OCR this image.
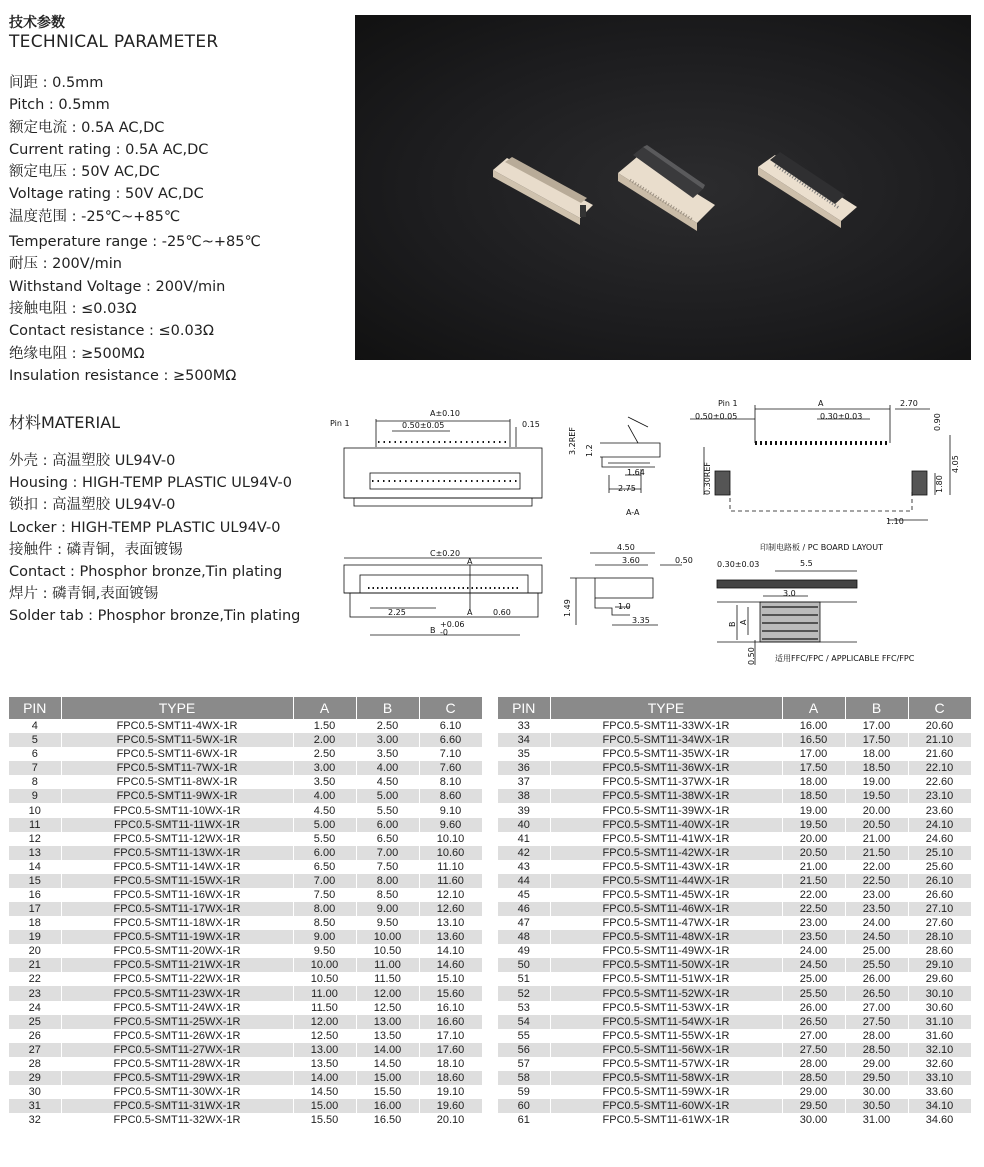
技术参数
TECHNICAL PARAMETER
间距 : 0.5mm
Pitch : 0.5mm
额定电流 : 0.5A AC,DC
Current rating : 0.5A AC,DC
额定电压 : 50V AC,DC
Voltage rating : 50V AC,DC
温度范围 : -25℃~+85℃
Temperature range : -25℃~+85℃
耐压 : 200V/min
Withstand Voltage : 200V/min
接触电阻 : ≤0.03Ω
Contact resistance : ≤0.03Ω
绝缘电阻 : ≥500MΩ
Insulation resistance : ≥500MΩ
材料MATERIAL
外壳 : 高温塑胶 UL94V-0
Housing : HIGH-TEMP PLASTIC UL94V-0
锁扣 : 高温塑胶 UL94V-0
Locker : HIGH-TEMP PLASTIC UL94V-0
接触件 : 磷青铜，表面镀锡
Contact : Phosphor bronze,Tin plating
焊片 : 磷青铜,表面镀锡
Solder tab : Phosphor bronze,Tin plating
Pin 1
A±0.10
0.50±0.05	0.15
3.2REF 1.2
1.64
2.75
A-A
Pin 1
0.50±0.05
A
0.30±0.03
2.70
0.90
4.05
1.80
0.30REF
1.10
C±0.20
A
A
2.25	0.60
B
+0.06
-0
4.50
3.60	0.50
1.49	1.0
3.35
印制电路板 / PC BOARD LAYOUT
0.30±0.03	5.5
3.0
B A
0.50 适用FFC/FPC / APPLICABLE FFC/FPC
PIN	TYPE	A	B	C
4	FPC0.5-SMT11-4WX-1R	1.50	2.50	6.10
5	FPC0.5-SMT11-5WX-1R	2.00	3.00	6.60
6	FPC0.5-SMT11-6WX-1R	2.50	3.50	7.10
7	FPC0.5-SMT11-7WX-1R	3.00	4.00	7.60
8	FPC0.5-SMT11-8WX-1R	3.50	4.50	8.10
9	FPC0.5-SMT11-9WX-1R	4.00	5.00	8.60
10	FPC0.5-SMT11-10WX-1R	4.50	5.50	9.10
11	FPC0.5-SMT11-11WX-1R	5.00	6.00	9.60
12	FPC0.5-SMT11-12WX-1R	5.50	6.50	10.10
13	FPC0.5-SMT11-13WX-1R	6.00	7.00	10.60
14	FPC0.5-SMT11-14WX-1R	6.50	7.50	11.10
15	FPC0.5-SMT11-15WX-1R	7.00	8.00	11.60
16	FPC0.5-SMT11-16WX-1R	7.50	8.50	12.10
17	FPC0.5-SMT11-17WX-1R	8.00	9.00	12.60
18	FPC0.5-SMT11-18WX-1R	8.50	9.50	13.10
19	FPC0.5-SMT11-19WX-1R	9.00	10.00	13.60
20	FPC0.5-SMT11-20WX-1R	9.50	10.50	14.10
21	FPC0.5-SMT11-21WX-1R	10.00	11.00	14.60
22	FPC0.5-SMT11-22WX-1R	10.50	11.50	15.10
23	FPC0.5-SMT11-23WX-1R	11.00	12.00	15.60
24	FPC0.5-SMT11-24WX-1R	11.50	12.50	16.10
25	FPC0.5-SMT11-25WX-1R	12.00	13.00	16.60
26	FPC0.5-SMT11-26WX-1R	12.50	13.50	17.10
27	FPC0.5-SMT11-27WX-1R	13.00	14.00	17.60
28	FPC0.5-SMT11-28WX-1R	13.50	14.50	18.10
29	FPC0.5-SMT11-29WX-1R	14.00	15.00	18.60
30	FPC0.5-SMT11-30WX-1R	14.50	15.50	19.10
31	FPC0.5-SMT11-31WX-1R	15.00	16.00	19.60
32	FPC0.5-SMT11-32WX-1R	15.50	16.50	20.10
PIN	TYPE	A	B	C
33	FPC0.5-SMT11-33WX-1R	16.00	17.00	20.60
34	FPC0.5-SMT11-34WX-1R	16.50	17.50	21.10
35	FPC0.5-SMT11-35WX-1R	17.00	18.00	21.60
36	FPC0.5-SMT11-36WX-1R	17.50	18.50	22.10
37	FPC0.5-SMT11-37WX-1R	18.00	19.00	22.60
38	FPC0.5-SMT11-38WX-1R	18.50	19.50	23.10
39	FPC0.5-SMT11-39WX-1R	19.00	20.00	23.60
40	FPC0.5-SMT11-40WX-1R	19.50	20.50	24.10
41	FPC0.5-SMT11-41WX-1R	20.00	21.00	24.60
42	FPC0.5-SMT11-42WX-1R	20.50	21.50	25.10
43	FPC0.5-SMT11-43WX-1R	21.00	22.00	25.60
44	FPC0.5-SMT11-44WX-1R	21.50	22.50	26.10
45	FPC0.5-SMT11-45WX-1R	22.00	23.00	26.60
46	FPC0.5-SMT11-46WX-1R	22.50	23.50	27.10
47	FPC0.5-SMT11-47WX-1R	23.00	24.00	27.60
48	FPC0.5-SMT11-48WX-1R	23.50	24.50	28.10
49	FPC0.5-SMT11-49WX-1R	24.00	25.00	28.60
50	FPC0.5-SMT11-50WX-1R	24.50	25.50	29.10
51	FPC0.5-SMT11-51WX-1R	25.00	26.00	29.60
52	FPC0.5-SMT11-52WX-1R	25.50	26.50	30.10
53	FPC0.5-SMT11-53WX-1R	26.00	27.00	30.60
54	FPC0.5-SMT11-54WX-1R	26.50	27.50	31.10
55	FPC0.5-SMT11-55WX-1R	27.00	28.00	31.60
56	FPC0.5-SMT11-56WX-1R	27.50	28.50	32.10
57	FPC0.5-SMT11-57WX-1R	28.00	29.00	32.60
58	FPC0.5-SMT11-58WX-1R	28.50	29.50	33.10
59	FPC0.5-SMT11-59WX-1R	29.00	30.00	33.60
60	FPC0.5-SMT11-60WX-1R	29.50	30.50	34.10
61	FPC0.5-SMT11-61WX-1R	30.00	31.00	34.60
